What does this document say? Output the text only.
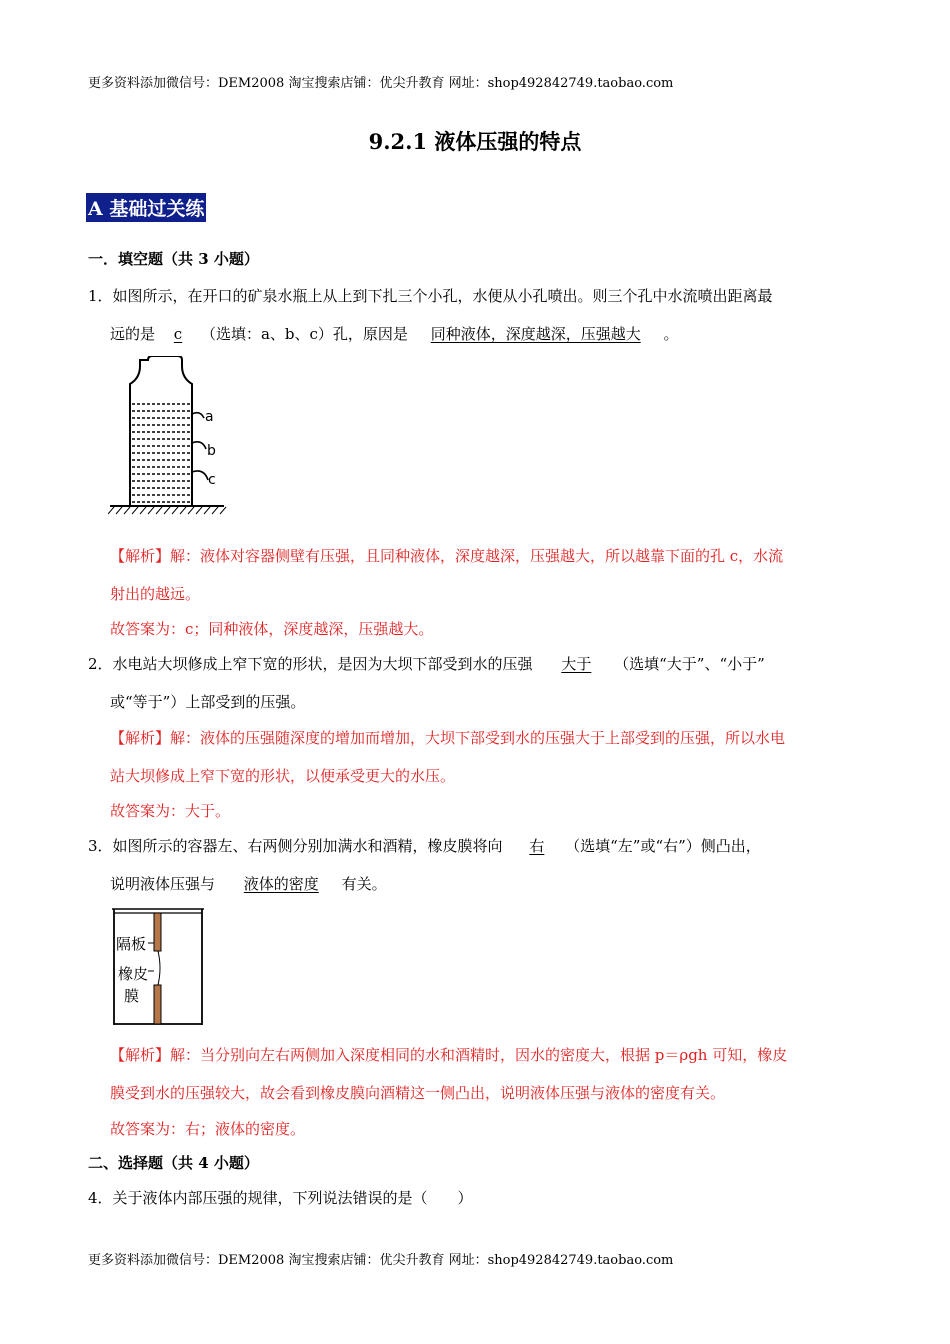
更多资料添加微信号：DEM2008 淘宝搜索店铺：优尖升教育 网址：shop492842749.taobao.com
9.2.1 液体压强的特点
A 基础过关练
一．填空题（共 3 小题）
1．如图所示，在开口的矿泉水瓶上从上到下扎三个小孔，水便从小孔喷出。则三个孔中水流喷出距离最
远的是 c （选填：a、b、c）孔，原因是 同种液体，深度越深，压强越大 。
a
b
c
【解析】解：液体对容器侧壁有压强，且同种液体，深度越深，压强越大，所以越靠下面的孔 c，水流
射出的越远。
故答案为：c；同种液体，深度越深，压强越大。
2．水电站大坝修成上窄下宽的形状，是因为大坝下部受到水的压强 大于 （选填“大于”、“小于”
或“等于”）上部受到的压强。
【解析】解：液体的压强随深度的增加而增加，大坝下部受到水的压强大于上部受到的压强，所以水电
站大坝修成上窄下宽的形状，以便承受更大的水压。
故答案为：大于。
3．如图所示的容器左、右两侧分别加满水和酒精，橡皮膜将向 右 （选填“左”或“右”）侧凸出，
说明液体压强与 液体的密度 有关。
隔板
橡皮
膜
【解析】解：当分别向左右两侧加入深度相同的水和酒精时，因水的密度大，根据 p＝ρgh 可知，橡皮
膜受到水的压强较大，故会看到橡皮膜向酒精这一侧凸出，说明液体压强与液体的密度有关。
故答案为：右；液体的密度。
二、选择题（共 4 小题）
4．关于液体内部压强的规律，下列说法错误的是（　　）
更多资料添加微信号：DEM2008 淘宝搜索店铺：优尖升教育 网址：shop492842749.taobao.com
